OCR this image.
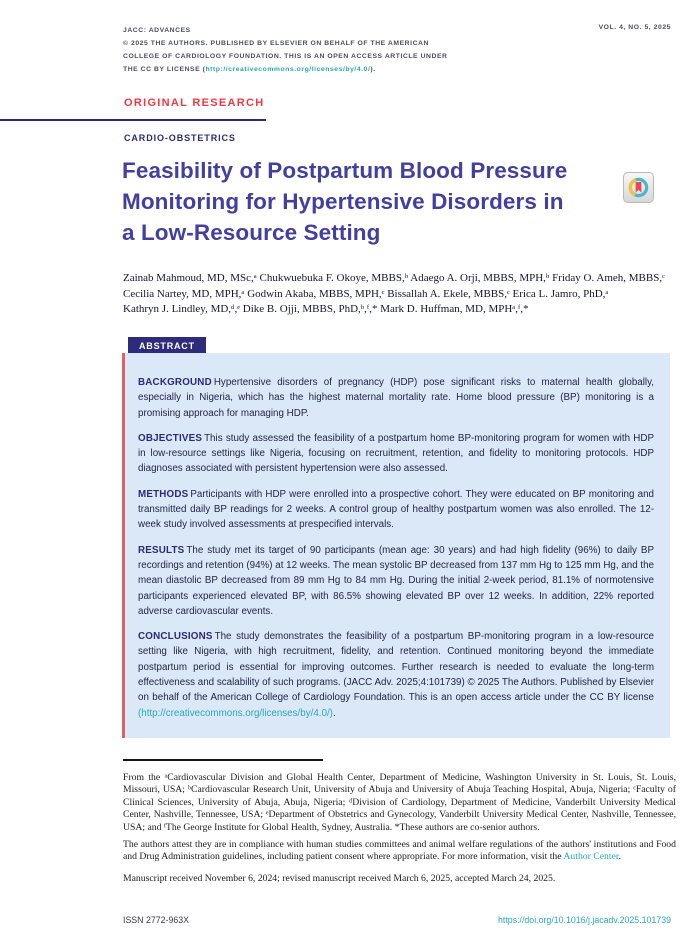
JACC: ADVANCES
© 2025 THE AUTHORS. PUBLISHED BY ELSEVIER ON BEHALF OF THE AMERICAN
COLLEGE OF CARDIOLOGY FOUNDATION. THIS IS AN OPEN ACCESS ARTICLE UNDER
THE CC BY LICENSE (http://creativecommons.org/licenses/by/4.0/).
VOL. 4, NO. 5, 2025
ORIGINAL RESEARCH
CARDIO-OBSTETRICS
Feasibility of Postpartum Blood Pressure
Monitoring for Hypertensive Disorders in
a Low-Resource Setting
Zainab Mahmoud, MD, MSc,ᵃ Chukwuebuka F. Okoye, MBBS,ᵇ Adaego A. Orji, MBBS, MPH,ᵇ Friday O. Ameh, MBBS,ᶜ
Cecilia Nartey, MD, MPH,ᵃ Godwin Akaba, MBBS, MPH,ᶜ Bissallah A. Ekele, MBBS,ᶜ Erica L. Jamro, PhD,ᵃ
Kathryn J. Lindley, MD,ᵈ,ᵉ Dike B. Ojji, MBBS, PhD,ᵇ,ᶠ,* Mark D. Huffman, MD, MPHᵃ,ᶠ,*
ABSTRACT

BACKGROUND Hypertensive disorders of pregnancy (HDP) pose significant risks to maternal health globally, especially in Nigeria, which has the highest maternal mortality rate. Home blood pressure (BP) monitoring is a promising approach for managing HDP.

OBJECTIVES This study assessed the feasibility of a postpartum home BP-monitoring program for women with HDP in low-resource settings like Nigeria, focusing on recruitment, retention, and fidelity to monitoring protocols. HDP diagnoses associated with persistent hypertension were also assessed.

METHODS Participants with HDP were enrolled into a prospective cohort. They were educated on BP monitoring and transmitted daily BP readings for 2 weeks. A control group of healthy postpartum women was also enrolled. The 12-week study involved assessments at prespecified intervals.

RESULTS The study met its target of 90 participants (mean age: 30 years) and had high fidelity (96%) to daily BP recordings and retention (94%) at 12 weeks. The mean systolic BP decreased from 137 mm Hg to 125 mm Hg, and the mean diastolic BP decreased from 89 mm Hg to 84 mm Hg. During the initial 2-week period, 81.1% of normotensive participants experienced elevated BP, with 86.5% showing elevated BP over 12 weeks. In addition, 22% reported adverse cardiovascular events.

CONCLUSIONS The study demonstrates the feasibility of a postpartum BP-monitoring program in a low-resource setting like Nigeria, with high recruitment, fidelity, and retention. Continued monitoring beyond the immediate postpartum period is essential for improving outcomes. Further research is needed to evaluate the long-term effectiveness and scalability of such programs. (JACC Adv. 2025;4:101739) © 2025 The Authors. Published by Elsevier on behalf of the American College of Cardiology Foundation. This is an open access article under the CC BY license (http://creativecommons.org/licenses/by/4.0/).

From the ᵃCardiovascular Division and Global Health Center, Department of Medicine, Washington University in St. Louis, St. Louis, Missouri, USA; ᵇCardiovascular Research Unit, University of Abuja and University of Abuja Teaching Hospital, Abuja, Nigeria; ᶜFaculty of Clinical Sciences, University of Abuja, Abuja, Nigeria; ᵈDivision of Cardiology, Department of Medicine, Vanderbilt University Medical Center, Nashville, Tennessee, USA; ᵉDepartment of Obstetrics and Gynecology, Vanderbilt University Medical Center, Nashville, Tennessee, USA; and ᶠThe George Institute for Global Health, Sydney, Australia. *These authors are co-senior authors.

The authors attest they are in compliance with human studies committees and animal welfare regulations of the authors' institutions and Food and Drug Administration guidelines, including patient consent where appropriate. For more information, visit the Author Center.

Manuscript received November 6, 2024; revised manuscript received March 6, 2025, accepted March 24, 2025.

ISSN 2772-963X	https://doi.org/10.1016/j.jacadv.2025.101739
